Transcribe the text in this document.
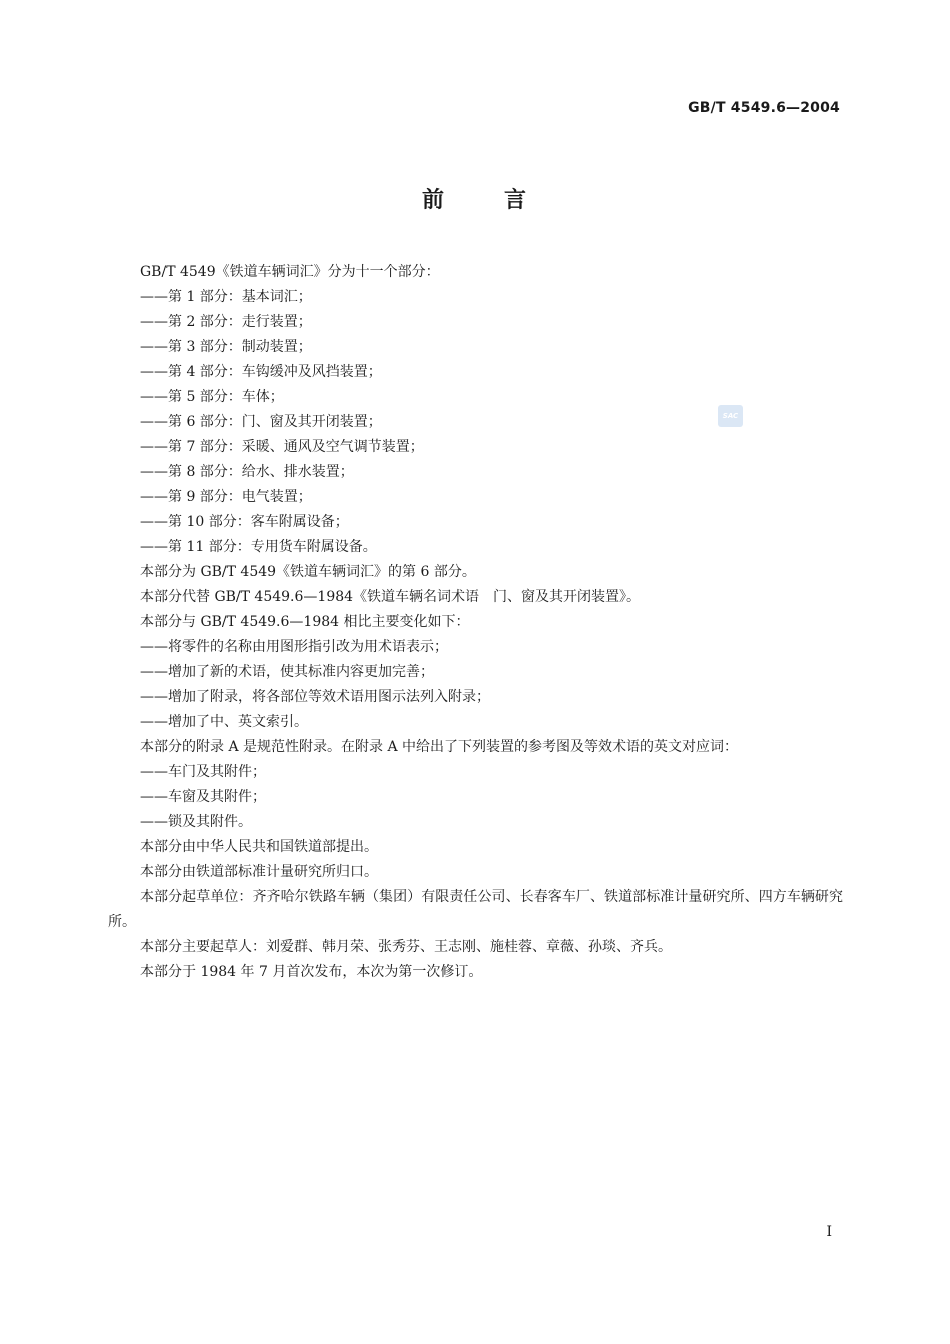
GB/T 4549.6—2004
前	言
SAC
GB/T 4549《铁道车辆词汇》分为十一个部分：
——第 1 部分：基本词汇；
——第 2 部分：走行装置；
——第 3 部分：制动装置；
——第 4 部分：车钩缓冲及风挡装置；
——第 5 部分：车体；
——第 6 部分：门、窗及其开闭装置；
——第 7 部分：采暖、通风及空气调节装置；
——第 8 部分：给水、排水装置；
——第 9 部分：电气装置；
——第 10 部分：客车附属设备；
——第 11 部分：专用货车附属设备。
本部分为 GB/T 4549《铁道车辆词汇》的第 6 部分。
本部分代替 GB/T 4549.6—1984《铁道车辆名词术语　门、窗及其开闭装置》。
本部分与 GB/T 4549.6—1984 相比主要变化如下：
——将零件的名称由用图形指引改为用术语表示；
——增加了新的术语，使其标准内容更加完善；
——增加了附录，将各部位等效术语用图示法列入附录；
——增加了中、英文索引。
本部分的附录 A 是规范性附录。在附录 A 中给出了下列装置的参考图及等效术语的英文对应词：
——车门及其附件；
——车窗及其附件；
——锁及其附件。
本部分由中华人民共和国铁道部提出。
本部分由铁道部标准计量研究所归口。
本部分起草单位：齐齐哈尔铁路车辆（集团）有限责任公司、长春客车厂、铁道部标准计量研究所、四方车辆研究所。
本部分主要起草人：刘爱群、韩月荣、张秀芬、王志刚、施桂蓉、章薇、孙琰、齐兵。
本部分于 1984 年 7 月首次发布，本次为第一次修订。
I
